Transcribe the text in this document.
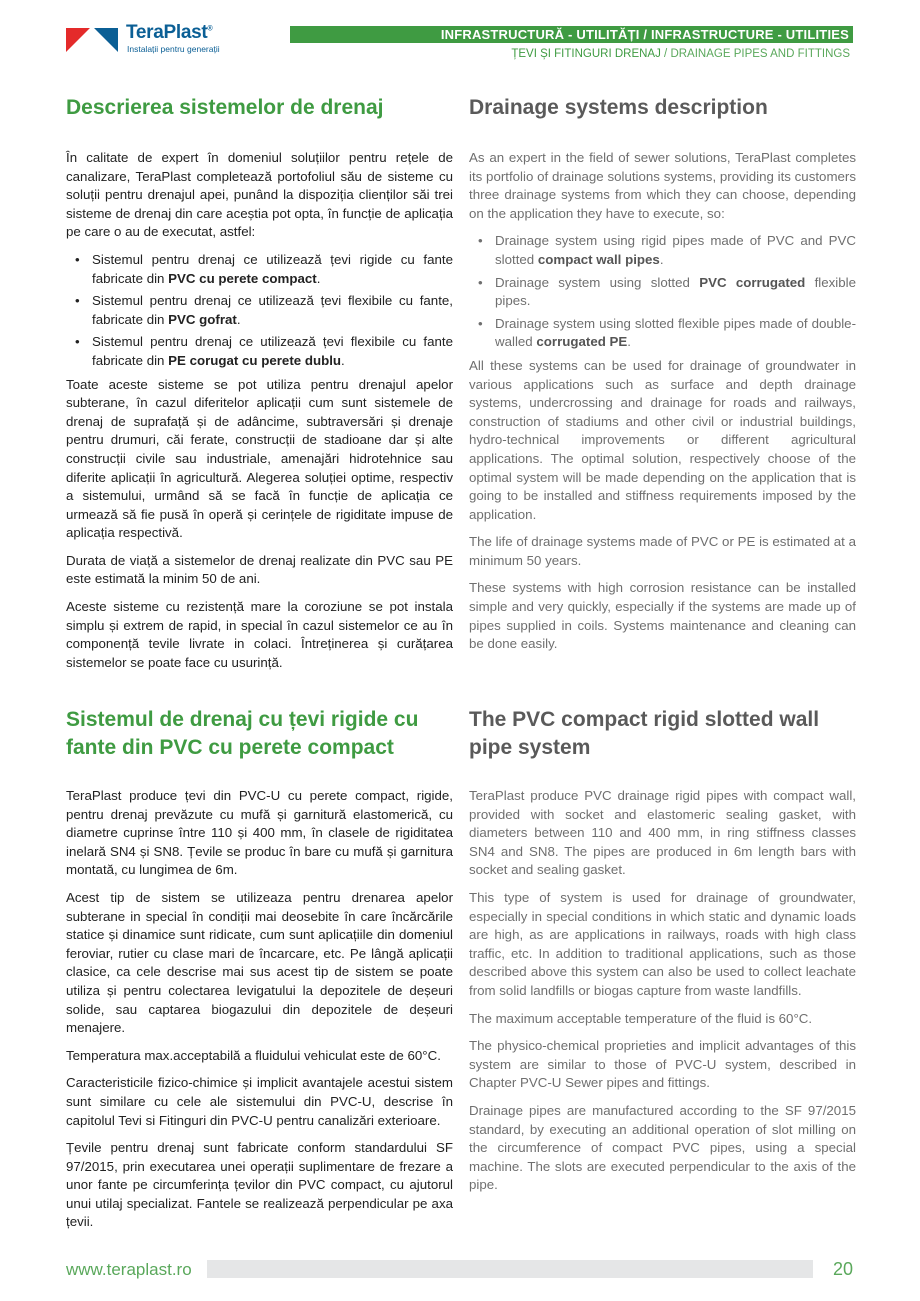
since 1896
TeraPlast®
Instalații pentru generații
INFRASTRUCTURĂ - UTILITĂȚI / INFRASTRUCTURE - UTILITIES
ȚEVI ȘI FITINGURI DRENAJ / DRAINAGE PIPES AND FITTINGS
Descrierea sistemelor de drenaj

În calitate de expert în domeniul soluțiilor pentru rețele de canalizare, TeraPlast completează portofoliul său de sisteme cu soluții pentru drenajul apei, punând la dispoziția clienților săi trei sisteme de drenaj din care aceștia pot opta, în funcție de aplicația pe care o au de executat, astfel:

• Sistemul pentru drenaj ce utilizează țevi rigide cu fante fabricate din PVC cu perete compact.
• Sistemul pentru drenaj ce utilizează țevi flexibile cu fante, fabricate din PVC gofrat.
• Sistemul pentru drenaj ce utilizează țevi flexibile cu fante fabricate din PE corugat cu perete dublu.

Toate aceste sisteme se pot utiliza pentru drenajul apelor subterane, în cazul diferitelor aplicații cum sunt sistemele de drenaj de suprafață și de adâncime, subtraversări și drenaje pentru drumuri, căi ferate, construcții de stadioane dar și alte construcții civile sau industriale, amenajări hidrotehnice sau diferite aplicații în agricultură. Alegerea soluției optime, respectiv a sistemului, urmând să se facă în funcție de aplicația ce urmează să fie pusă în operă și cerințele de rigiditate impuse de aplicația respectivă.

Durata de viață a sistemelor de drenaj realizate din PVC sau PE este estimată la minim 50 de ani.

Aceste sisteme cu rezistență mare la coroziune se pot instala simplu și extrem de rapid, in special în cazul sistemelor ce au în componență tevile livrate in colaci. Întreținerea și curățarea sistemelor se poate face cu usurință.

Drainage systems description

As an expert in the field of sewer solutions, TeraPlast completes its portfolio of drainage solutions systems, providing its customers three drainage systems from which they can choose, depending on the application they have to execute, so:

• Drainage system using rigid pipes made of PVC and PVC slotted compact wall pipes.
• Drainage system using slotted PVC corrugated flexible pipes.
• Drainage system using slotted flexible pipes made of double-walled corrugated PE.

All these systems can be used for drainage of groundwater in various applications such as surface and depth drainage systems, undercrossing and drainage for roads and railways, construction of stadiums and other civil or industrial buildings, hydro-technical improvements or different agricultural applications. The optimal solution, respectively choose of the optimal system will be made depending on the application that is going to be installed and stiffness requirements imposed by the application.

The life of drainage systems made of PVC or PE is estimated at a minimum 50 years.

These systems with high corrosion resistance can be installed simple and very quickly, especially if the systems are made up of pipes supplied in coils. Systems maintenance and cleaning can be done easily.

Sistemul de drenaj cu țevi rigide cu fante din PVC cu perete compact

TeraPlast produce țevi din PVC-U cu perete compact, rigide, pentru drenaj prevăzute cu mufă și garnitură elastomerică, cu diametre cuprinse între 110 și 400 mm, în clasele de rigiditatea inelară SN4 și SN8. Țevile se produc în bare cu mufă și garnitura montată, cu lungimea de 6m.

Acest tip de sistem se utilizeaza pentru drenarea apelor subterane in special în condiții mai deosebite în care încărcările statice și dinamice sunt ridicate, cum sunt aplicațiile din domeniul feroviar, rutier cu clase mari de încarcare, etc. Pe lângă aplicații clasice, ca cele descrise mai sus acest tip de sistem se poate utiliza și pentru colectarea levigatului la depozitele de deșeuri solide, sau captarea biogazului din depozitele de deșeuri menajere.

Temperatura max.acceptabilă a fluidului vehiculat este de 60°C.

Caracteristicile fizico-chimice și implicit avantajele acestui sistem sunt similare cu cele ale sistemului din PVC-U, descrise în capitolul Tevi si Fitinguri din PVC-U pentru canalizări exterioare.

Țevile pentru drenaj sunt fabricate conform standardului SF 97/2015, prin executarea unei operații suplimentare de frezare a unor fante pe circumferința țevilor din PVC compact, cu ajutorul unui utilaj specializat. Fantele se realizează perpendicular pe axa țevii.

The PVC compact rigid slotted wall pipe system

TeraPlast produce PVC drainage rigid pipes with compact wall, provided with socket and elastomeric sealing gasket, with diameters between 110 and 400 mm, in ring stiffness classes SN4 and SN8. The pipes are produced in 6m length bars with socket and sealing gasket.

This type of system is used for drainage of groundwater, especially in special conditions in which static and dynamic loads are high, as are applications in railways, roads with high class traffic, etc. In addition to traditional applications, such as those described above this system can also be used to collect leachate from solid landfills or biogas capture from waste landfills.

The maximum acceptable temperature of the fluid is 60°C.

The physico-chemical proprieties and implicit advantages of this system are similar to those of PVC-U system, described in Chapter PVC-U Sewer pipes and fittings.

Drainage pipes are manufactured according to the SF 97/2015 standard, by executing an additional operation of slot milling on the circumference of compact PVC pipes, using a special machine. The slots are executed perpendicular to the axis of the pipe.

www.teraplast.ro	20
